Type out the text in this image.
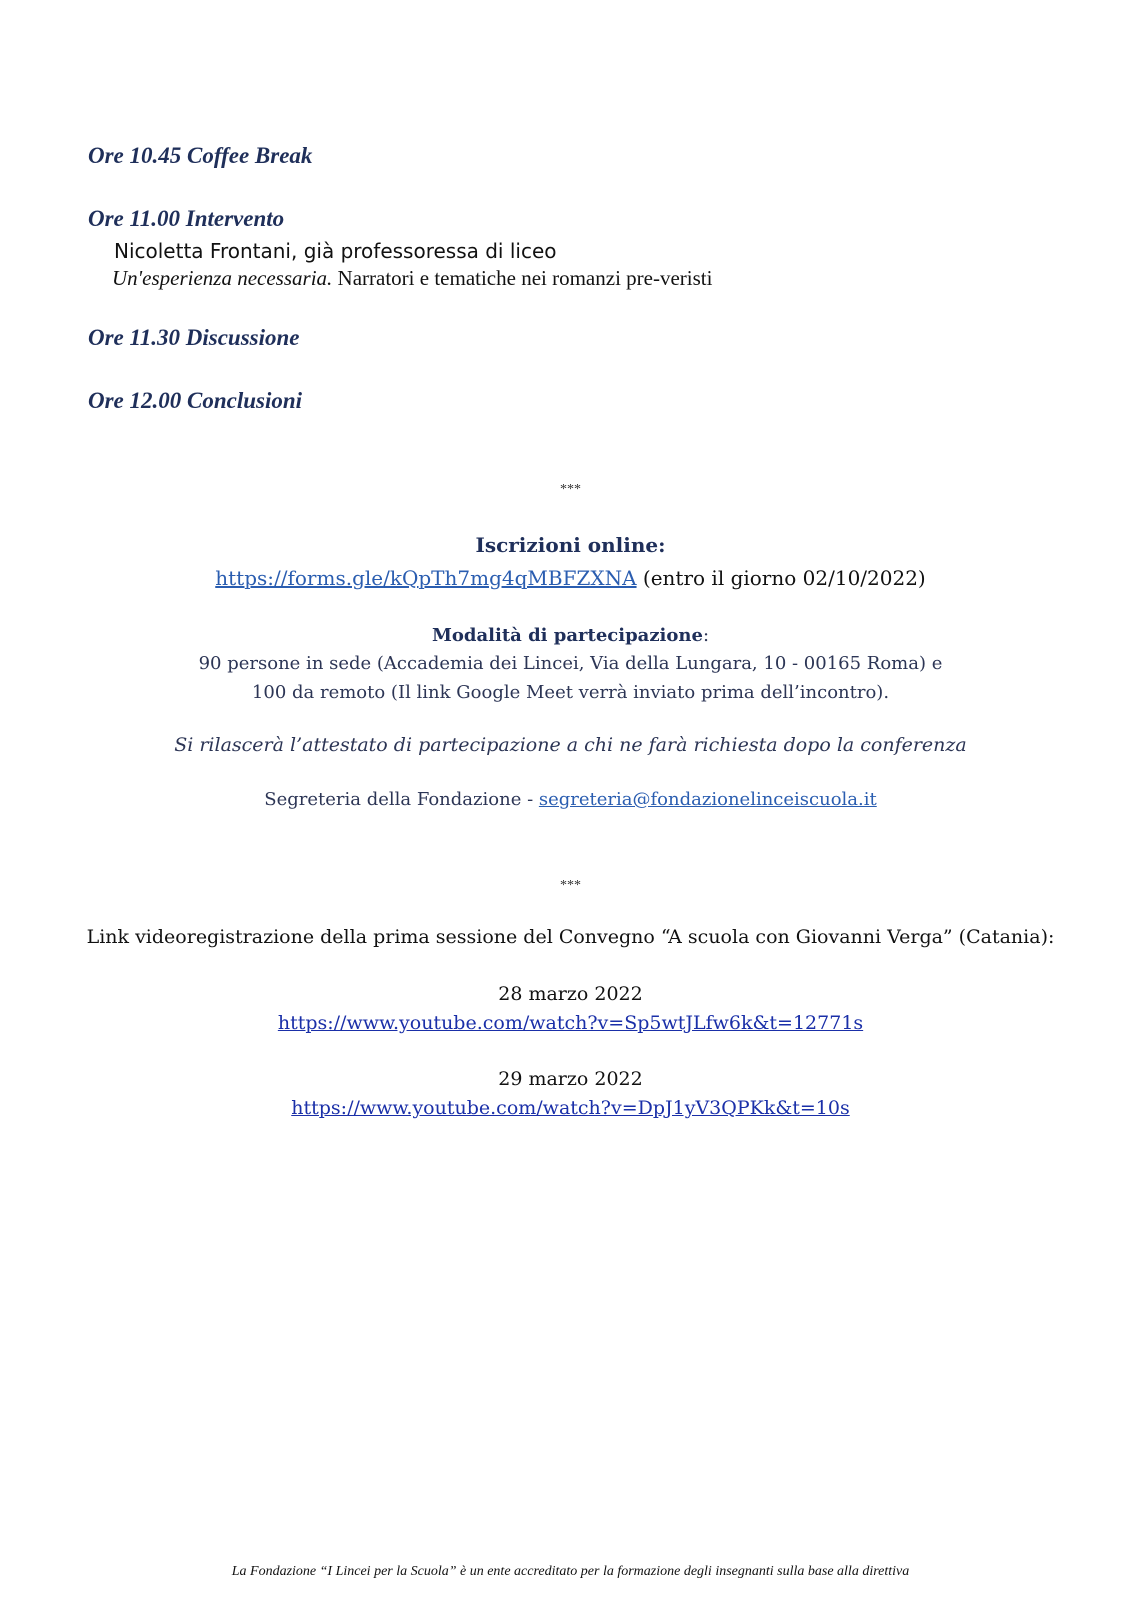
Ore 10.45 Coffee Break
Ore 11.00 Intervento
Nicoletta Frontani, già professoressa di liceo
Un'esperienza necessaria. Narratori e tematiche nei romanzi pre-veristi
Ore 11.30 Discussione
Ore 12.00 Conclusioni
***
Iscrizioni online:
https://forms.gle/kQpTh7mg4qMBFZXNA (entro il giorno 02/10/2022)
Modalità di partecipazione:
90 persone in sede (Accademia dei Lincei, Via della Lungara, 10 - 00165 Roma) e
100 da remoto (Il link Google Meet verrà inviato prima dell’incontro).
Si rilascerà l’attestato di partecipazione a chi ne farà richiesta dopo la conferenza
Segreteria della Fondazione - segreteria@fondazionelinceiscuola.it
***
Link videoregistrazione della prima sessione del Convegno “A scuola con Giovanni Verga” (Catania):
28 marzo 2022
https://www.youtube.com/watch?v=Sp5wtJLfw6k&t=12771s
29 marzo 2022
https://www.youtube.com/watch?v=DpJ1yV3QPKk&t=10s
La Fondazione “I Lincei per la Scuola” è un ente accreditato per la formazione degli insegnanti sulla base alla direttiva
